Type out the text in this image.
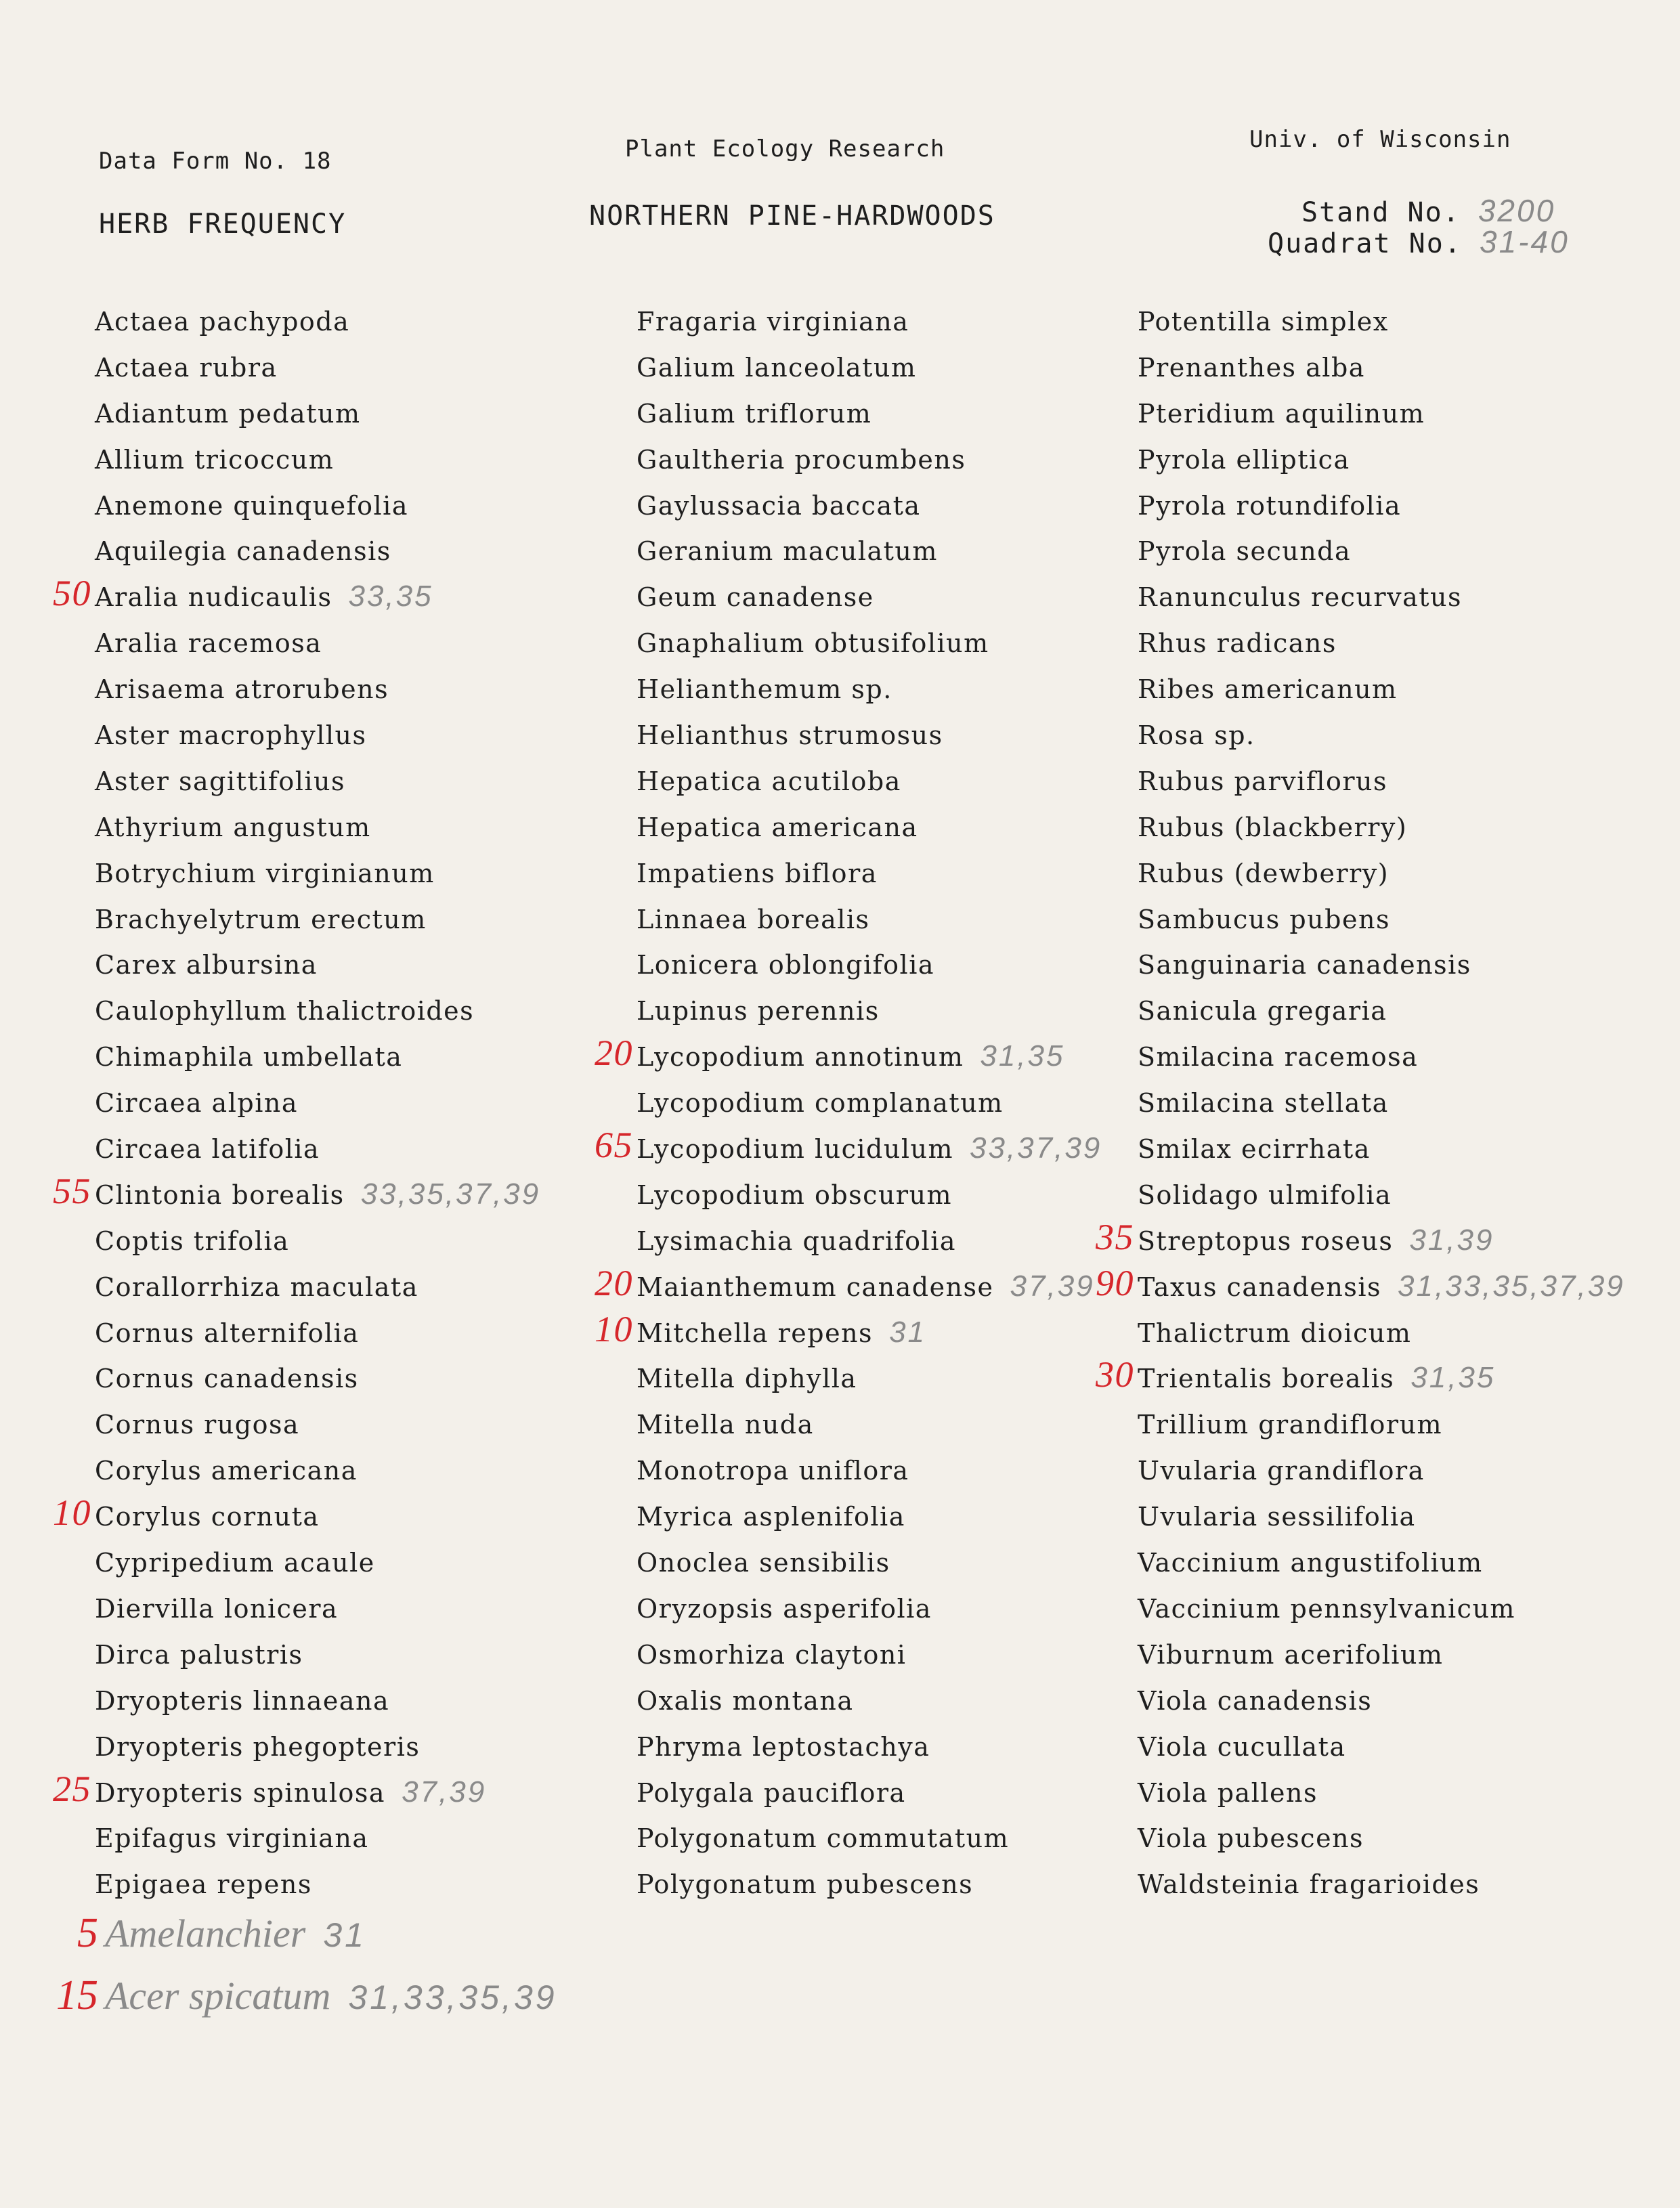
Data Form No. 18	Plant Ecology Research	Univ. of Wisconsin
HERB FREQUENCY	NORTHERN PINE-HARDWOODS	Stand No. 3200
Quadrat No. 31-40
Actaea pachypoda
Actaea rubra
Adiantum pedatum
Allium tricoccum
Anemone quinquefolia
Aquilegia canadensis
50 Aralia nudicaulis 33,35
Aralia racemosa
Arisaema atrorubens
Aster macrophyllus
Aster sagittifolius
Athyrium angustum
Botrychium virginianum
Brachyelytrum erectum
Carex albursina
Caulophyllum thalictroides
Chimaphila umbellata
Circaea alpina
Circaea latifolia
55 Clintonia borealis 33,35,37,39
Coptis trifolia
Corallorrhiza maculata
Cornus alternifolia
Cornus canadensis
Cornus rugosa
Corylus americana
10 Corylus cornuta
Cypripedium acaule
Diervilla lonicera
Dirca palustris
Dryopteris linnaeana
Dryopteris phegopteris
25 Dryopteris spinulosa 37,39
Epifagus virginiana
Epigaea repens
Fragaria virginiana
Galium lanceolatum
Galium triflorum
Gaultheria procumbens
Gaylussacia baccata
Geranium maculatum
Geum canadense
Gnaphalium obtusifolium
Helianthemum sp.
Helianthus strumosus
Hepatica acutiloba
Hepatica americana
Impatiens biflora
Linnaea borealis
Lonicera oblongifolia
Lupinus perennis
20 Lycopodium annotinum 31,35
Lycopodium complanatum
65 Lycopodium lucidulum 33,37,39
Lycopodium obscurum
Lysimachia quadrifolia
20 Maianthemum canadense 37,39
10 Mitchella repens 31
Mitella diphylla
Mitella nuda
Monotropa uniflora
Myrica asplenifolia
Onoclea sensibilis
Oryzopsis asperifolia
Osmorhiza claytoni
Oxalis montana
Phryma leptostachya
Polygala pauciflora
Polygonatum commutatum
Polygonatum pubescens
Potentilla simplex
Prenanthes alba
Pteridium aquilinum
Pyrola elliptica
Pyrola rotundifolia
Pyrola secunda
Ranunculus recurvatus
Rhus radicans
Ribes americanum
Rosa sp.
Rubus parviflorus
Rubus (blackberry)
Rubus (dewberry)
Sambucus pubens
Sanguinaria canadensis
Sanicula gregaria
Smilacina racemosa
Smilacina stellata
Smilax ecirrhata
Solidago ulmifolia
35 Streptopus roseus 31,39
90 Taxus canadensis 31,33,35,37,39
Thalictrum dioicum
30 Trientalis borealis 31,35
Trillium grandiflorum
Uvularia grandiflora
Uvularia sessilifolia
Vaccinium angustifolium
Vaccinium pennsylvanicum
Viburnum acerifolium
Viola canadensis
Viola cucullata
Viola pallens
Viola pubescens
Waldsteinia fragarioides
5 Amelanchier 31
15 Acer spicatum 31,33,35,39
